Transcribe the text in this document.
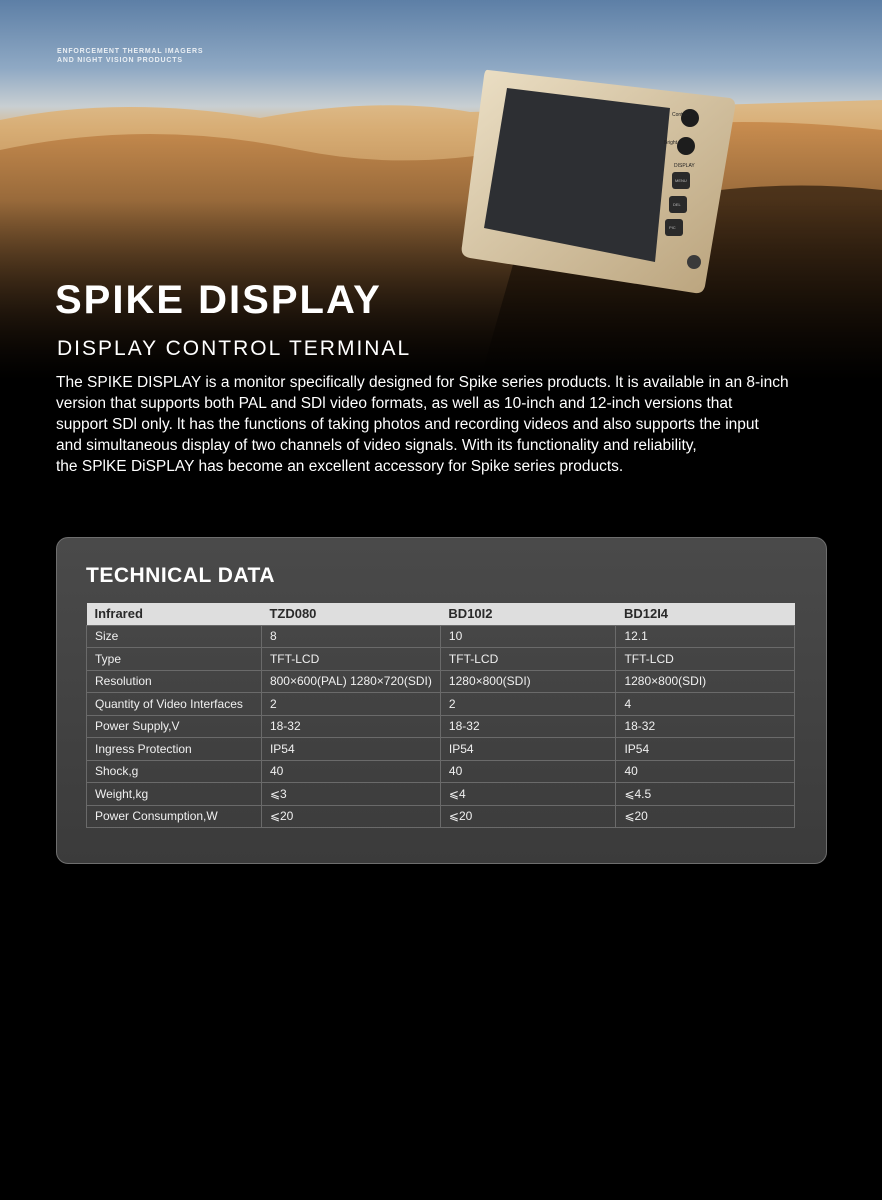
Contrast
Bright
DISPLAY
MENU
DEL
PIC
ENFORCEMENT THERMAL IMAGERS
AND NIGHT VISION PRODUCTS
SPIKE DISPLAY
DISPLAY CONTROL TERMINAL

The SPIKE DISPLAY is a monitor specifically designed for Spike series products. lt is available in an 8-inch

version that supports both PAL and SDl video formats, as well as 10-inch and 12-inch versions that

support SDl only. lt has the functions of taking photos and recording videos and also supports the input

and simultaneous display of two channels of video signals. With its functionality and reliability,

the SPlKE DiSPLAY has become an excellent accessory for Spike series products.

TECHNICAL DATA
Infrared	TZD080	BD10I2	BD12I4
Size	8	10	12.1
Type	TFT-LCD	TFT-LCD	TFT-LCD
Resolution	800×600(PAL) 1280×720(SDI)	1280×800(SDI)	1280×800(SDI)
Quantity of Video Interfaces	2	2	4
Power Supply,V	18-32	18-32	18-32
Ingress Protection	IP54	IP54	IP54
Shock,g	40	40	40
Weight,kg	⩽3	⩽4	⩽4.5
Power Consumption,W	⩽20	⩽20	⩽20
